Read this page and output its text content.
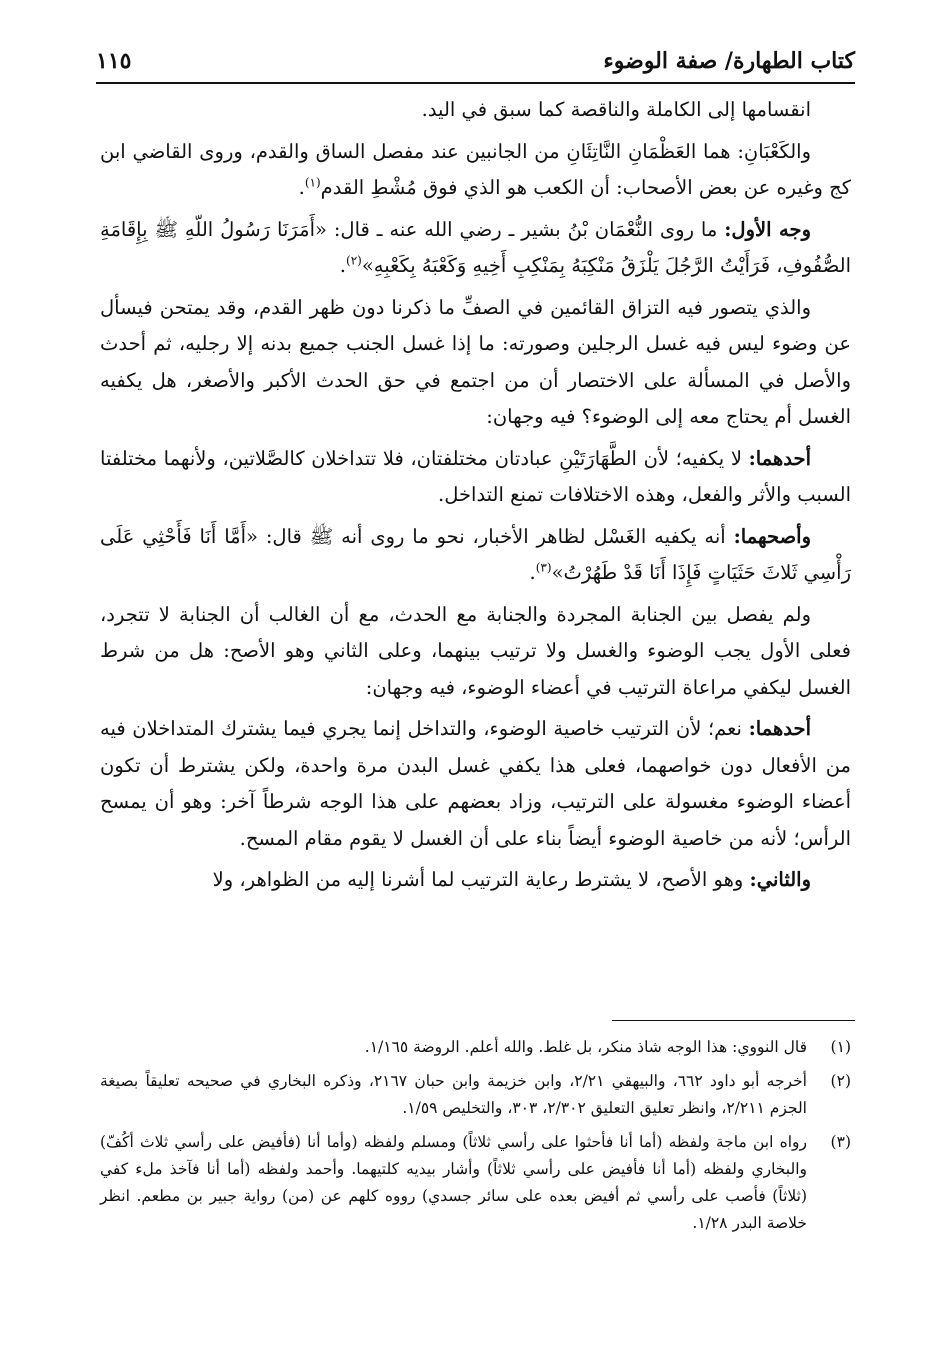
كتاب الطهارة/ صفة الوضوء
١١٥

انقسامها إلى الكاملة والناقصة كما سبق في اليد.

والكَعْبَانِ: هما العَظْمَانِ النَّاتِئَانِ من الجانبين عند مفصل الساق والقدم، وروى القاضي ابن كج وغيره عن بعض الأصحاب: أن الكعب هو الذي فوق مُشْطِ القدم$^{(١)}$.

وجه الأول: ما روى النُّعْمَان بْنُ بشير ـ رضي الله عنه ـ قال: «أَمَرَنَا رَسُولُ اللّهِ ﷺ بِإِقَامَةِ الصُّفُوفِ، فَرَأَيْتُ الرَّجُلَ يَلْزَقُ مَنْكِبَهُ بِمَنْكِبِ أَخِيهِ وَكَعْبَهُ بِكَعْبِهِ»$^{(٢)}$.

والذي يتصور فيه التزاق القائمين في الصفِّ ما ذكرنا دون ظهر القدم، وقد يمتحن فيسأل عن وضوء ليس فيه غسل الرجلين وصورته: ما إذا غسل الجنب جميع بدنه إلا رجليه، ثم أحدث والأصل في المسألة على الاختصار أن من اجتمع في حق الحدث الأكبر والأصغر، هل يكفيه الغسل أم يحتاج معه إلى الوضوء؟ فيه وجهان:

أحدهما: لا يكفيه؛ لأن الطَّهَارَتَيْنِ عبادتان مختلفتان، فلا تتداخلان كالصَّلاتين، ولأنهما مختلفتا السبب والأثر والفعل، وهذه الاختلافات تمنع التداخل.

وأصحهما: أنه يكفيه الغَسْل لظاهر الأخبار، نحو ما روى أنه ﷺ قال: «أَمَّا أَنَا فَأَحْثِي عَلَى رَأْسِي ثَلاثَ حَثَيَاتٍ فَإِذَا أَنَا قَدْ طَهُرْتُ»$^{(٣)}$.

ولم يفصل بين الجنابة المجردة والجنابة مع الحدث، مع أن الغالب أن الجنابة لا تتجرد، فعلى الأول يجب الوضوء والغسل ولا ترتيب بينهما، وعلى الثاني وهو الأصح: هل من شرط الغسل ليكفي مراعاة الترتيب في أعضاء الوضوء، فيه وجهان:

أحدهما: نعم؛ لأن الترتيب خاصية الوضوء، والتداخل إنما يجري فيما يشترك المتداخلان فيه من الأفعال دون خواصهما، فعلى هذا يكفي غسل البدن مرة واحدة، ولكن يشترط أن تكون أعضاء الوضوء مغسولة على الترتيب، وزاد بعضهم على هذا الوجه شرطاً آخر: وهو أن يمسح الرأس؛ لأنه من خاصية الوضوء أيضاً بناء على أن الغسل لا يقوم مقام المسح.

والثاني: وهو الأصح، لا يشترط رعاية الترتيب لما أشرنا إليه من الظواهر، ولا

(١)
قال النووي: هذا الوجه شاذ منكر، بل غلط. والله أعلم. الروضة ١/١٦٥.
(٢)
أخرجه أبو داود ٦٦٢، والبيهقي ٢/٢١، وابن خزيمة وابن حبان ٢١٦٧، وذكره البخاري في صحيحه تعليقاً بصيغة الجزم ٢/٢١١، وانظر تعليق التعليق ٢/٣٠٢، ٣٠٣، والتخليص ١/٥٩.
(٣)
رواه ابن ماجة ولفظه (أما أنا فأحثوا على رأسي ثلاثاً) ومسلم ولفظه (وأما أنا (فأفيض على رأسي ثلاث أكُفّ) والبخاري ولفظه (أما أنا فأفيض على رأسي ثلاثاً) وأشار بيديه كلتيهما. وأحمد ولفظه (أما أنا فآخذ ملء كفي (ثلاثاً) فأصب على رأسي ثم أفيض بعده على سائر جسدي) رووه كلهم عن (من) رواية جبير بن مطعم. انظر خلاصة البدر ١/٢٨.
